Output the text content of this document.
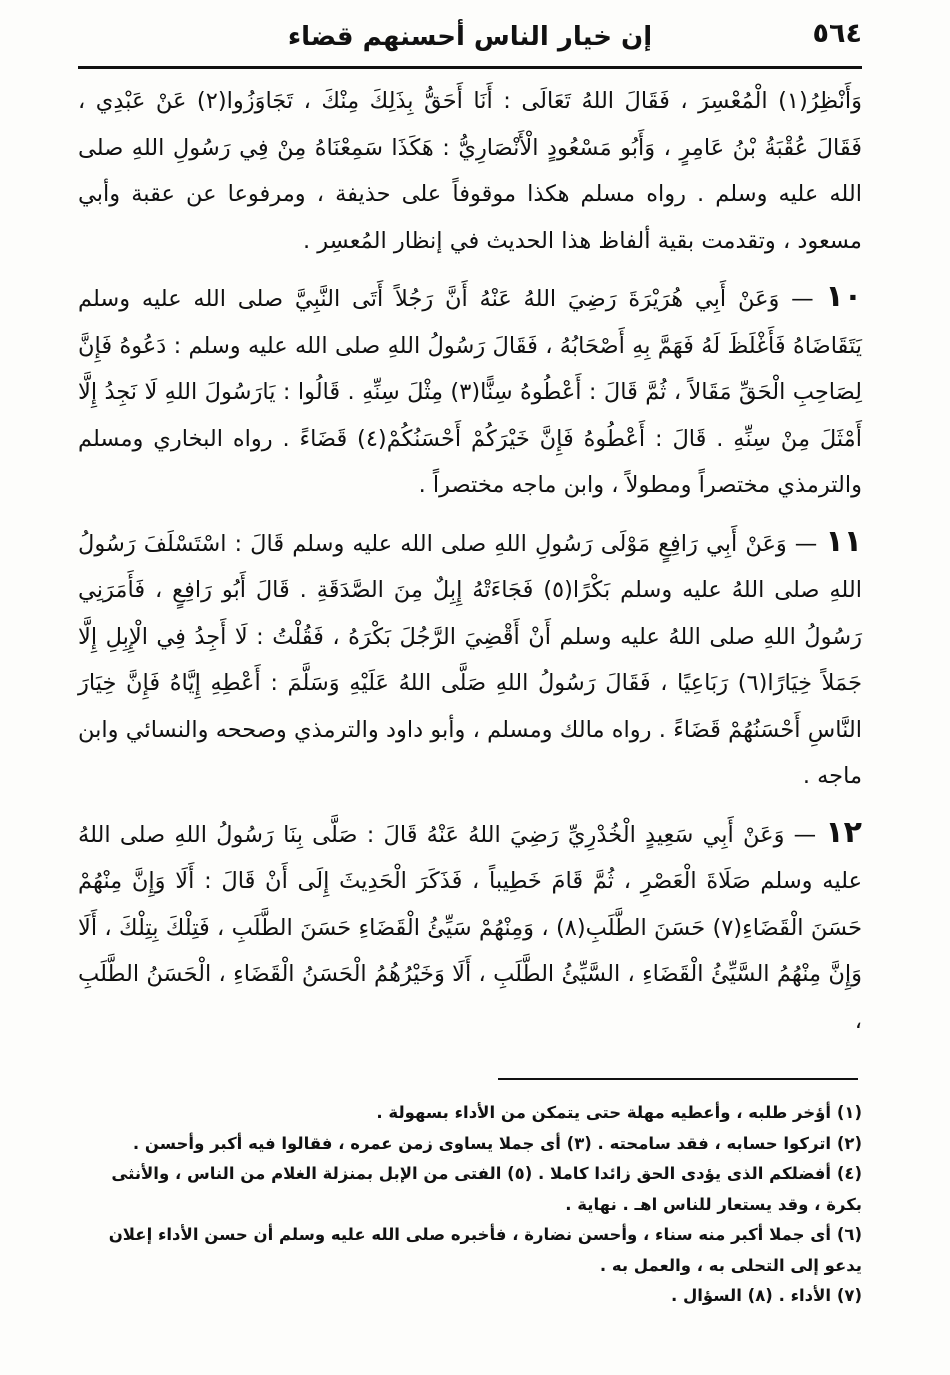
٥٦٤
إن خيار الناس أحسنهم قضاء

وَأَنْظِرُ(١) الْمُعْسِرَ ، فَقَالَ اللهُ تَعَالَى : أَنَا أَحَقُّ بِذَلِكَ مِنْكَ ، تَجَاوَزُوا(٢) عَنْ عَبْدِي ، فَقَالَ عُقْبَةُ بْنُ عَامِرٍ ، وَأَبُو مَسْعُودٍ الْأَنْصَارِيُّ : هَكَذَا سَمِعْنَاهُ مِنْ فِي رَسُولِ اللهِ صلى الله عليه وسلم . رواه مسلم هكذا موقوفاً على حذيفة ، ومرفوعا عن عقبة وأبي مسعود ، وتقدمت بقية ألفاظ هذا الحديث في إنظار المُعسِر .

١٠ — وَعَنْ أَبِي هُرَيْرَةَ رَضِيَ اللهُ عَنْهُ أَنَّ رَجُلاً أَتَى النَّبِيَّ صلى الله عليه وسلم يَتَقَاضَاهُ فَأَغْلَظَ لَهُ فَهَمَّ بِهِ أَصْحَابُهُ ، فَقَالَ رَسُولُ اللهِ صلى الله عليه وسلم : دَعُوهُ فَإِنَّ لِصَاحِبِ الْحَقِّ مَقَالاً ، ثُمَّ قَالَ : أَعْطُوهُ سِنًّا(٣) مِثْلَ سِنِّهِ . قَالُوا : يَارَسُولَ اللهِ لَا نَجِدُ إِلَّا أَمْثَلَ مِنْ سِنِّهِ . قَالَ : أَعْطُوهُ فَإِنَّ خَيْرَكُمْ أَحْسَنُكُمْ(٤) قَضَاءً . رواه البخاري ومسلم والترمذي مختصراً ومطولاً ، وابن ماجه مختصراً .

١١ — وَعَنْ أَبِي رَافِعٍ مَوْلَى رَسُولِ اللهِ صلى الله عليه وسلم قَالَ : اسْتَسْلَفَ رَسُولُ اللهِ صلى اللهُ عليه وسلم بَكْرًا(٥) فَجَاءَتْهُ إِبِلٌ مِنَ الصَّدَقَةِ . قَالَ أَبُو رَافِعٍ ، فَأَمَرَنِي رَسُولُ اللهِ صلى اللهُ عليه وسلم أَنْ أَقْضِيَ الرَّجُلَ بَكْرَهُ ، فَقُلْتُ : لَا أَجِدُ فِي الْإِبِلِ إِلَّا جَمَلاً خِيَارًا(٦) رَبَاعِيًا ، فَقَالَ رَسُولُ اللهِ صَلَّى اللهُ عَلَيْهِ وَسَلَّمَ : أَعْطِهِ إِيَّاهُ فَإِنَّ خِيَارَ النَّاسِ أَحْسَنُهُمْ قَضَاءً . رواه مالك ومسلم ، وأبو داود والترمذي وصححه والنسائي وابن ماجه .

١٢ — وَعَنْ أَبِي سَعِيدٍ الْخُدْرِيِّ رَضِيَ اللهُ عَنْهُ قَالَ : صَلَّى بِنَا رَسُولُ اللهِ صلى اللهُ عليه وسلم صَلَاةَ الْعَصْرِ ، ثُمَّ قَامَ خَطِيباً ، فَذَكَرَ الْحَدِيثَ إِلَى أَنْ قَالَ : أَلَا وَإِنَّ مِنْهُمْ حَسَنَ الْقَضَاءِ(٧) حَسَنَ الطَّلَبِ(٨) ، وَمِنْهُمْ سَيِّئُ الْقَضَاءِ حَسَنَ الطَّلَبِ ، فَتِلْكَ بِتِلْكَ ، أَلَا وَإِنَّ مِنْهُمُ السَّيِّئُ الْقَضَاءِ ، السَّيِّئُ الطَّلَبِ ، أَلَا وَخَيْرُهُمُ الْحَسَنُ الْقَضَاءِ ، الْحَسَنُ الطَّلَبِ ،

(١) أؤخر طلبه ، وأعطيه مهلة حتى يتمكن من الأداء بسهولة .

(٢) اتركوا حسابه ، فقد سامحته . (٣) أى جملا يساوى زمن عمره ، فقالوا فيه أكبر وأحسن .

(٤) أفضلكم الذى يؤدى الحق زائدا كاملا . (٥) الفتى من الإبل بمنزلة الغلام من الناس ، والأنثى بكرة ، وقد يستعار للناس اهـ . نهاية .

(٦) أى جملا أكبر منه سناء ، وأحسن نضارة ، فأخبره صلى الله عليه وسلم أن حسن الأداء إعلان يدعو إلى التحلى به ، والعمل به .

(٧) الأداء . (٨) السؤال .
